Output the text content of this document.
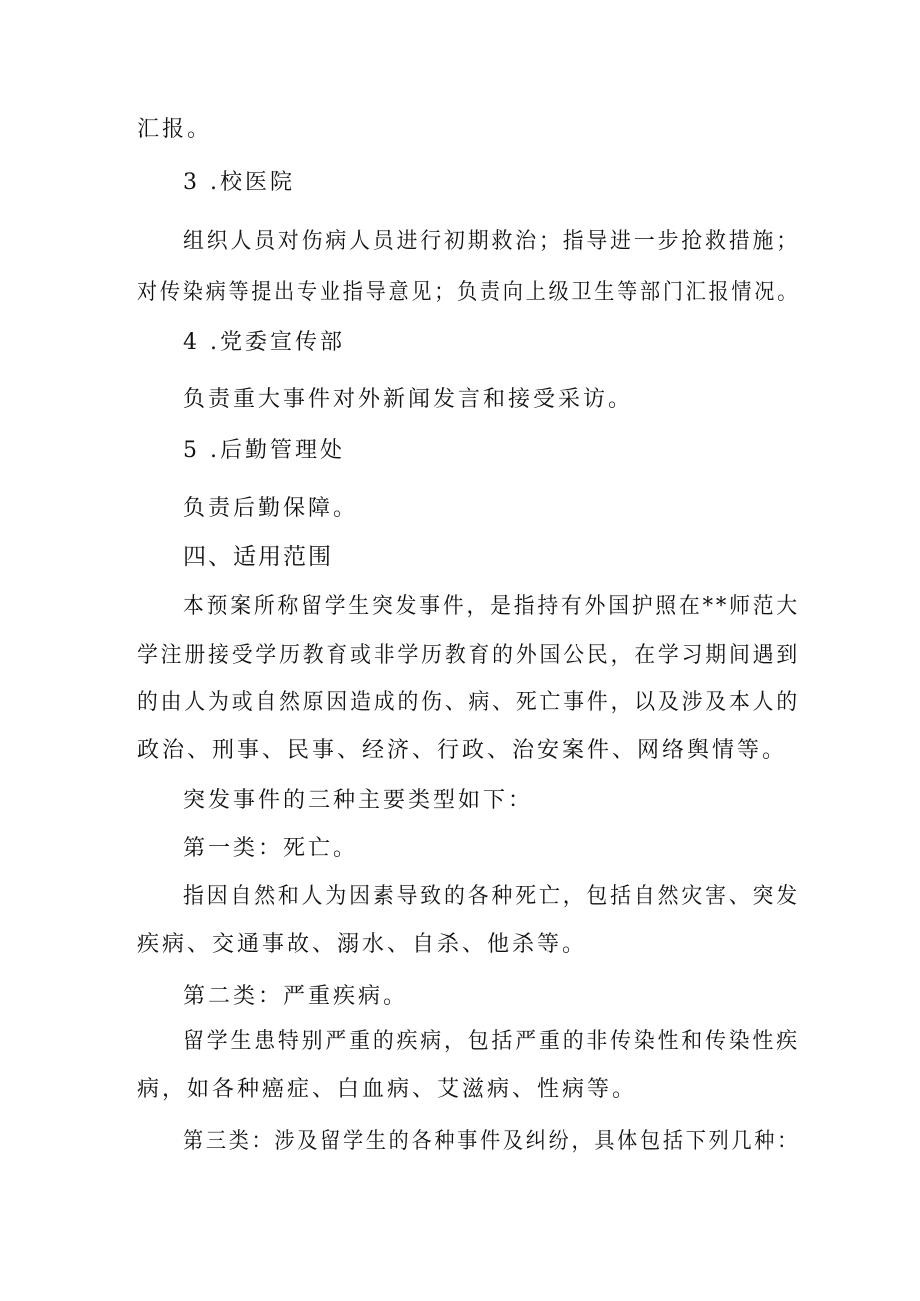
汇报。
3 .校医院
组织人员对伤病人员进行初期救治；指导进一步抢救措施；
对传染病等提出专业指导意见；负责向上级卫生等部门汇报情况。
4 .党委宣传部
负责重大事件对外新闻发言和接受采访。
5 .后勤管理处
负责后勤保障。
四、适用范围
本预案所称留学生突发事件，是指持有外国护照在**师范大
学注册接受学历教育或非学历教育的外国公民，在学习期间遇到
的由人为或自然原因造成的伤、病、死亡事件，以及涉及本人的
政治、刑事、民事、经济、行政、治安案件、网络舆情等。
突发事件的三种主要类型如下：
第一类：死亡。
指因自然和人为因素导致的各种死亡，包括自然灾害、突发
疾病、交通事故、溺水、自杀、他杀等。
第二类：严重疾病。
留学生患特别严重的疾病，包括严重的非传染性和传染性疾
病，如各种癌症、白血病、艾滋病、性病等。
第三类：涉及留学生的各种事件及纠纷，具体包括下列几种：
